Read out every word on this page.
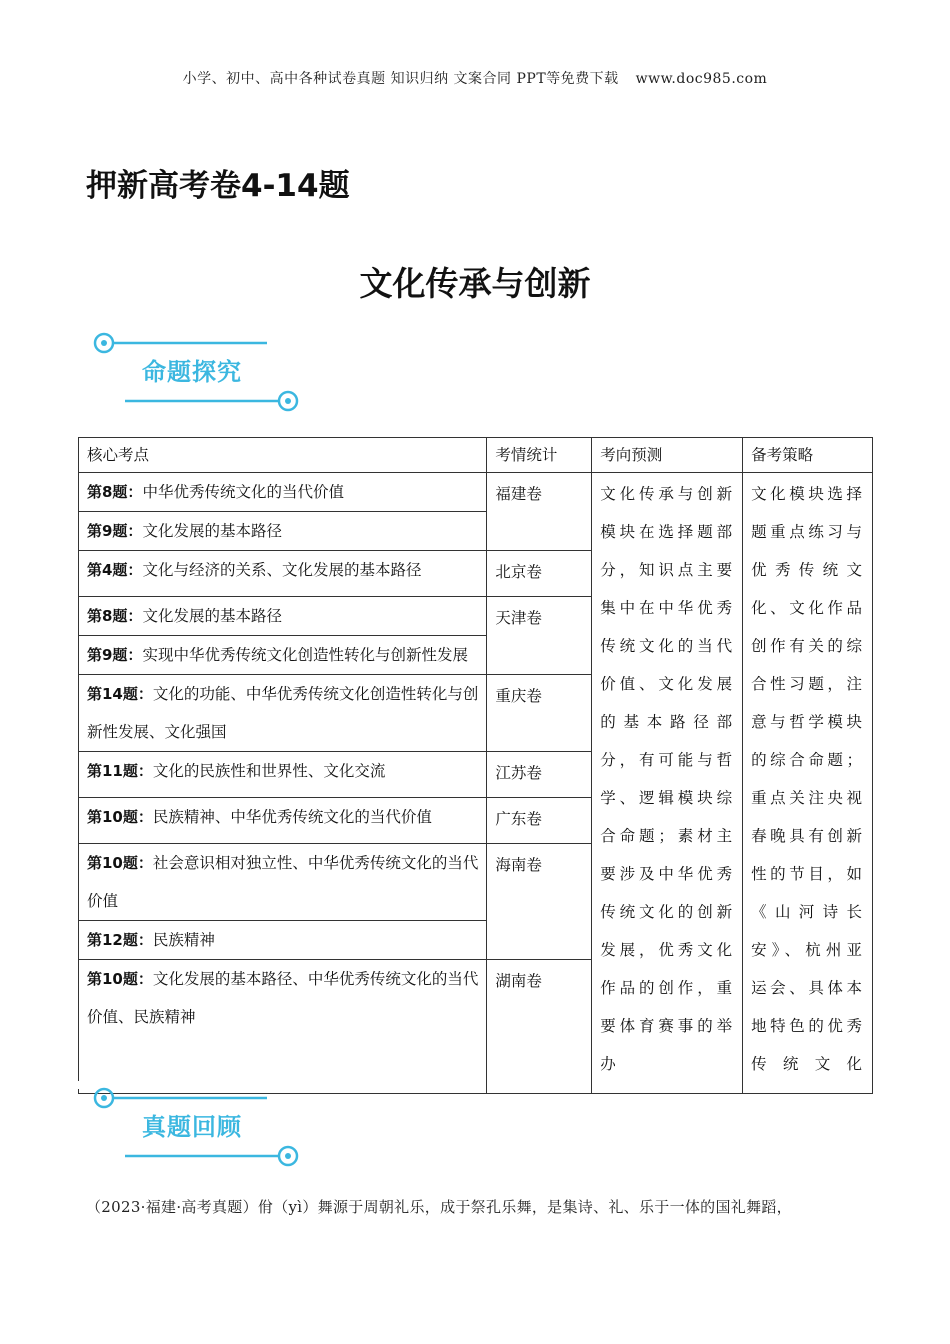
小学、初中、高中各种试卷真题 知识归纳 文案合同 PPT等免费下载 www.doc985.com
押新高考卷4-14题
文化传承与创新
命题探究
核心考点	考情统计	考向预测	备考策略
第8题：中华优秀传统文化的当代价值	福建卷	文化传承与创新模块在选择题部分，知识点主要集中在中华优秀传统文化的当代价值、文化发展的基本路径部分，有可能与哲学、逻辑模块综合命题；素材主要涉及中华优秀传统文化的创新发展，优秀文化作品的创作，重要体育赛事的举办	文化模块选择题重点练习与优秀传统文化、文化作品创作有关的综合性习题，注意与哲学模块的综合命题；重点关注央视春晚具有创新性的节目，如《山河诗长安》、杭州亚运会、具体本地特色的优秀传统文化
第9题：文化发展的基本路径			
第4题：文化与经济的关系、文化发展的基本路径	北京卷		
第8题：文化发展的基本路径	天津卷		
第9题：实现中华优秀传统文化创造性转化与创新性发展			
第14题：文化的功能、中华优秀传统文化创造性转化与创新性发展、文化强国	重庆卷		
第11题：文化的民族性和世界性、文化交流	江苏卷		
第10题：民族精神、中华优秀传统文化的当代价值	广东卷		
第10题：社会意识相对独立性、中华优秀传统文化的当代价值	海南卷		
第12题：民族精神			
第10题：文化发展的基本路径、中华优秀传统文化的当代价值、民族精神	湖南卷		

真题回顾
（2023·福建·高考真题）佾（yì）舞源于周朝礼乐，成于祭孔乐舞，是集诗、礼、乐于一体的国礼舞蹈，
